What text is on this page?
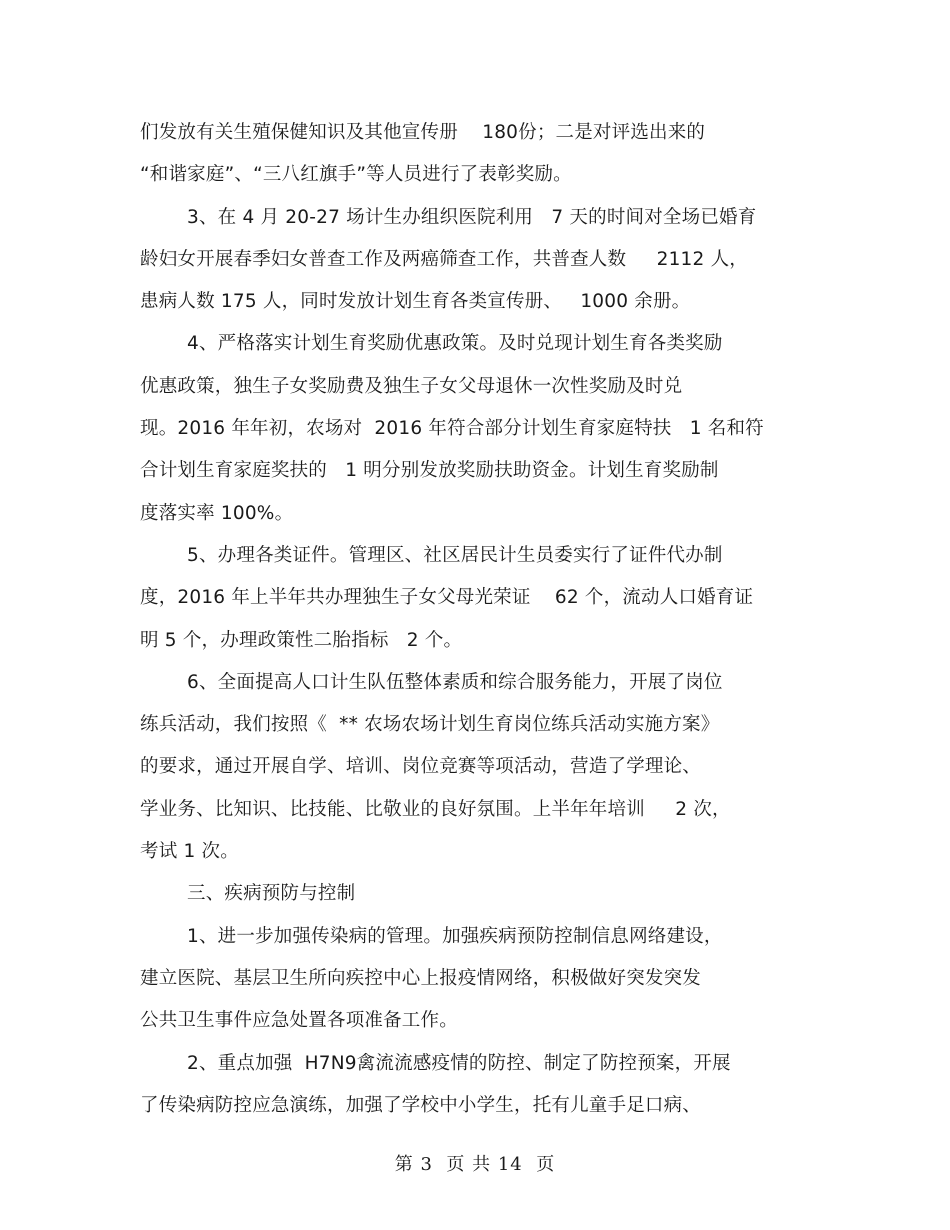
们发放有关生殖保健知识及其他宣传册    180份；二是对评选出来的
“和谐家庭”、“三八红旗手”等人员进行了表彰奖励。
3、在 4 月 20-27 场计生办组织医院利用   7 天的时间对全场已婚育
龄妇女开展春季妇女普查工作及两癌筛查工作，共普查人数     2112 人，
患病人数 175 人，同时发放计划生育各类宣传册、   1000 余册。
4、严格落实计划生育奖励优惠政策。及时兑现计划生育各类奖励
优惠政策，独生子女奖励费及独生子女父母退休一次性奖励及时兑
现。2016 年年初，农场对  2016 年符合部分计划生育家庭特扶   1 名和符
合计划生育家庭奖扶的   1 明分别发放奖励扶助资金。计划生育奖励制
度落实率 100%。
5、办理各类证件。管理区、社区居民计生员委实行了证件代办制
度，2016 年上半年共办理独生子女父母光荣证    62 个，流动人口婚育证
明 5 个，办理政策性二胎指标   2 个。
6、全面提高人口计生队伍整体素质和综合服务能力，开展了岗位
练兵活动，我们按照《  ** 农场农场计划生育岗位练兵活动实施方案》
的要求，通过开展自学、培训、岗位竞赛等项活动，营造了学理论、
学业务、比知识、比技能、比敬业的良好氛围。上半年年培训     2 次，
考试 1 次。
三、疾病预防与控制
1、进一步加强传染病的管理。加强疾病预防控制信息网络建设，
建立医院、基层卫生所向疾控中心上报疫情网络，积极做好突发突发
公共卫生事件应急处置各项准备工作。
2、重点加强  H7N9禽流流感疫情的防控、制定了防控预案，开展
了传染病防控应急演练，加强了学校中小学生，托有儿童手足口病、
第 3  页 共 14  页
